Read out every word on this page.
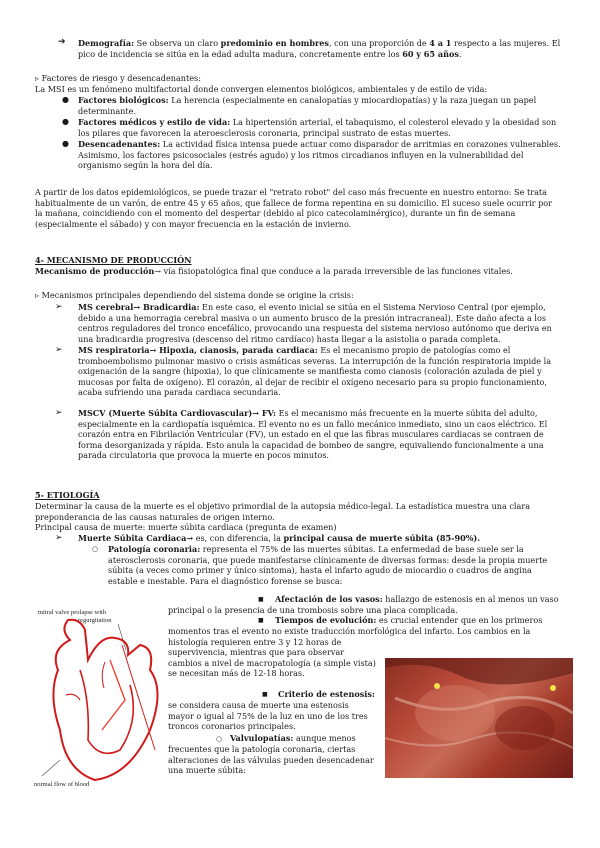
➔ Demografía: Se observa un claro predominio en hombres, con una proporción de 4 a 1 respecto a las mujeres. El
pico de incidencia se sitúa en la edad adulta madura, concretamente entre los 60 y 65 años.
▹ Factores de riesgo y desencadenantes:
La MSI es un fenómeno multifactorial donde convergen elementos biológicos, ambientales y de estilo de vida:
● Factores biológicos: La herencia (especialmente en canalopatías y miocardiopatías) y la raza juegan un papel
determinante.
● Factores médicos y estilo de vida: La hipertensión arterial, el tabaquismo, el colesterol elevado y la obesidad son
los pilares que favorecen la ateroesclerosis coronaria, principal sustrato de estas muertes.
● Desencadenantes: La actividad física intensa puede actuar como disparador de arritmias en corazones vulnerables.
Asimismo, los factores psicosociales (estrés agudo) y los ritmos circadianos influyen en la vulnerabilidad del
organismo según la hora del día.
A partir de los datos epidemiológicos, se puede trazar el "retrato robot" del caso más frecuente en nuestro entorno: Se trata
habitualmente de un varón, de entre 45 y 65 años, que fallece de forma repentina en su domicilio. El suceso suele ocurrir por
la mañana, coincidiendo con el momento del despertar (debido al pico catecolaminérgico), durante un fin de semana
(especialmente el sábado) y con mayor frecuencia en la estación de invierno.
4- MECANISMO DE PRODUCCIÓN
Mecanismo de producción→ vía fisiopatológica final que conduce a la parada irreversible de las funciones vitales.
▹ Mecanismos principales dependiendo del sistema donde se origine la crisis:
➢ MS cerebral→ Bradicardia: En este caso, el evento inicial se sitúa en el Sistema Nervioso Central (por ejemplo,
debido a una hemorragia cerebral masiva o un aumento brusco de la presión intracraneal). Este daño afecta a los
centros reguladores del tronco encefálico, provocando una respuesta del sistema nervioso autónomo que deriva en
una bradicardia progresiva (descenso del ritmo cardíaco) hasta llegar a la asistolia o parada completa.
➢ MS respiratoria→ Hipoxia, cianosis, parada cardiaca: Es el mecanismo propio de patologías como el
tromboembolismo pulmonar masivo o crisis asmáticas severas. La interrupción de la función respiratoria impide la
oxigenación de la sangre (hipoxia), lo que clínicamente se manifiesta como cianosis (coloración azulada de piel y
mucosas por falta de oxígeno). El corazón, al dejar de recibir el oxígeno necesario para su propio funcionamiento,
acaba sufriendo una parada cardiaca secundaria.
➢ MSCV (Muerte Súbita Cardiovascular)→ FV: Es el mecanismo más frecuente en la muerte súbita del adulto,
especialmente en la cardiopatía isquémica. El evento no es un fallo mecánico inmediato, sino un caos eléctrico. El
corazón entra en Fibrilación Ventricular (FV), un estado en el que las fibras musculares cardiacas se contraen de
forma desorganizada y rápida. Esto anula la capacidad de bombeo de sangre, equivaliendo funcionalmente a una
parada circulatoria que provoca la muerte en pocos minutos.
5- ETIOLOGÍA
Determinar la causa de la muerte es el objetivo primordial de la autopsia médico-legal. La estadística muestra una clara
preponderancia de las causas naturales de origen interno.
Principal causa de muerte: muerte súbita cardiaca (pregunta de examen)
➢ Muerte Súbita Cardiaca→ es, con diferencia, la principal causa de muerte súbita (85-90%).
○ Patología coronaria: representa el 75% de las muertes súbitas. La enfermedad de base suele ser la
aterosclerosis coronaria, que puede manifestarse clínicamente de diversas formas: desde la propia muerte
súbita (a veces como primer y único síntoma), hasta el infarto agudo de miocardio o cuadros de angina
estable e inestable. Para el diagnóstico forense se busca:
■ Afectación de los vasos: hallazgo de estenosis en al menos un vaso
principal o la presencia de una trombosis sobre una placa complicada.
■ Tiempos de evolución: es crucial entender que en los primeros
momentos tras el evento no existe traducción morfológica del infarto. Los cambios en la
histología requieren entre 3 y 12 horas de
supervivencia, mientras que para observar
cambios a nivel de macropatología (a simple vista)
se necesitan más de 12-18 horas.
■ Criterio de estenosis:
se considera causa de muerte una estenosis
mayor o igual al 75% de la luz en uno de los tres
troncos coronarios principales.
○ Valvulopatías: aunque menos
frecuentes que la patología coronaria, ciertas
alteraciones de las válvulas pueden desencadenar
una muerte súbita:
mitral valve prolapse with
regurgitation
normal flow of blood
